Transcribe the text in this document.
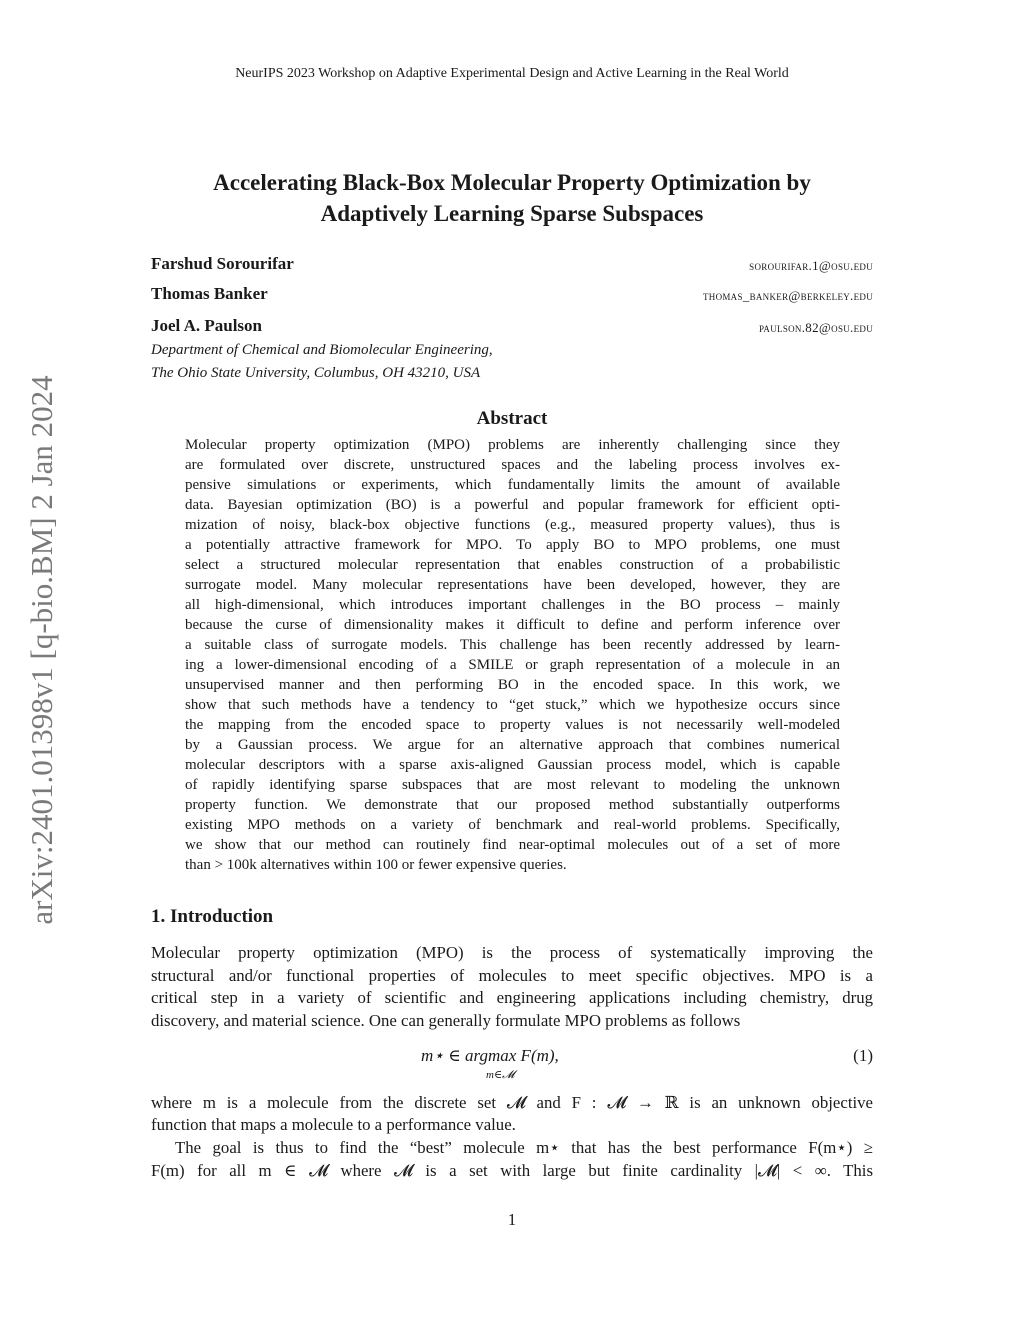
arXiv:2401.01398v1 [q-bio.BM] 2 Jan 2024
NeurIPS 2023 Workshop on Adaptive Experimental Design and Active Learning in the Real World
Accelerating Black-Box Molecular Property Optimization by
Adaptively Learning Sparse Subspaces
Farshud Sorourifar	sorourifar.1@osu.edu
Thomas Banker	thomas_banker@berkeley.edu
Joel A. Paulson	paulson.82@osu.edu
Department of Chemical and Biomolecular Engineering,
The Ohio State University, Columbus, OH 43210, USA
Abstract
Molecular property optimization (MPO) problems are inherently challenging since they
are formulated over discrete, unstructured spaces and the labeling process involves ex-
pensive simulations or experiments, which fundamentally limits the amount of available
data. Bayesian optimization (BO) is a powerful and popular framework for efficient opti-
mization of noisy, black-box objective functions (e.g., measured property values), thus is
a potentially attractive framework for MPO. To apply BO to MPO problems, one must
select a structured molecular representation that enables construction of a probabilistic
surrogate model. Many molecular representations have been developed, however, they are
all high-dimensional, which introduces important challenges in the BO process – mainly
because the curse of dimensionality makes it difficult to define and perform inference over
a suitable class of surrogate models. This challenge has been recently addressed by learn-
ing a lower-dimensional encoding of a SMILE or graph representation of a molecule in an
unsupervised manner and then performing BO in the encoded space. In this work, we
show that such methods have a tendency to “get stuck,” which we hypothesize occurs since
the mapping from the encoded space to property values is not necessarily well-modeled
by a Gaussian process. We argue for an alternative approach that combines numerical
molecular descriptors with a sparse axis-aligned Gaussian process model, which is capable
of rapidly identifying sparse subspaces that are most relevant to modeling the unknown
property function. We demonstrate that our proposed method substantially outperforms
existing MPO methods on a variety of benchmark and real-world problems. Specifically,
we show that our method can routinely find near-optimal molecules out of a set of more
than > 100k alternatives within 100 or fewer expensive queries.
1. Introduction
Molecular property optimization (MPO) is the process of systematically improving the
structural and/or functional properties of molecules to meet specific objectives. MPO is a
critical step in a variety of scientific and engineering applications including chemistry, drug
discovery, and material science. One can generally formulate MPO problems as follows
m⋆ ∈ argmax F(m),
m∈𝓜
(1)
where m is a molecule from the discrete set 𝓜 and F : 𝓜 → ℝ is an unknown objective
function that maps a molecule to a performance value.
The goal is thus to find the “best” molecule m⋆ that has the best performance F(m⋆) ≥
F(m) for all m ∈ 𝓜 where 𝓜 is a set with large but finite cardinality |𝓜| < ∞. This
1
